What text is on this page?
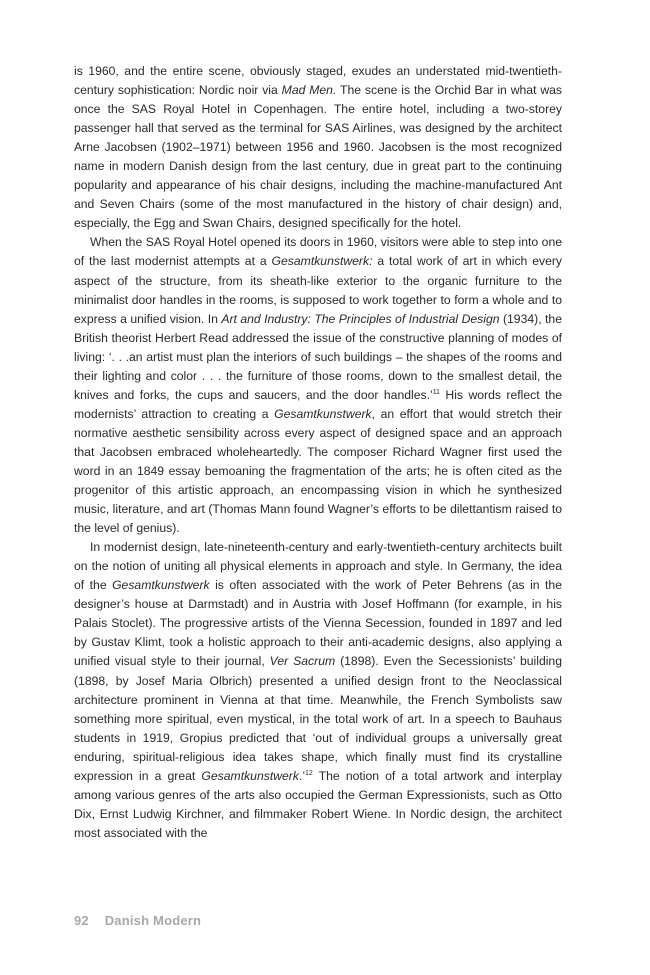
is 1960, and the entire scene, obviously staged, exudes an understated mid-twentieth-century sophistication: Nordic noir via Mad Men. The scene is the Orchid Bar in what was once the SAS Royal Hotel in Copenhagen. The entire hotel, including a two-storey passenger hall that served as the terminal for SAS Airlines, was designed by the architect Arne Jacobsen (1902–1971) between 1956 and 1960. Jacobsen is the most recognized name in modern Danish design from the last century, due in great part to the continuing popularity and appearance of his chair designs, including the machine-manufactured Ant and Seven Chairs (some of the most manufactured in the history of chair design) and, especially, the Egg and Swan Chairs, designed specifically for the hotel.

When the SAS Royal Hotel opened its doors in 1960, visitors were able to step into one of the last modernist attempts at a Gesamtkunstwerk: a total work of art in which every aspect of the structure, from its sheath-like exterior to the organic furniture to the minimalist door handles in the rooms, is supposed to work together to form a whole and to express a unified vision. In Art and Industry: The Principles of Industrial Design (1934), the British theorist Herbert Read addressed the issue of the constructive planning of modes of living: ‘. . .an artist must plan the interiors of such buildings – the shapes of the rooms and their lighting and color . . . the furniture of those rooms, down to the smallest detail, the knives and forks, the cups and saucers, and the door handles.’$^{11}$ His words reflect the modernists’ attraction to creating a Gesamtkunstwerk, an effort that would stretch their normative aesthetic sensibility across every aspect of designed space and an approach that Jacobsen embraced wholeheartedly. The composer Richard Wagner first used the word in an 1849 essay bemoaning the fragmentation of the arts; he is often cited as the progenitor of this artistic approach, an encompassing vision in which he synthesized music, literature, and art (Thomas Mann found Wagner’s efforts to be dilettantism raised to the level of genius).

In modernist design, late-nineteenth-century and early-twentieth-century architects built on the notion of uniting all physical elements in approach and style. In Germany, the idea of the Gesamtkunstwerk is often associated with the work of Peter Behrens (as in the designer’s house at Darmstadt) and in Austria with Josef Hoffmann (for example, in his Palais Stoclet). The progressive artists of the Vienna Secession, founded in 1897 and led by Gustav Klimt, took a holistic approach to their anti-academic designs, also applying a unified visual style to their journal, Ver Sacrum (1898). Even the Secessionists’ building (1898, by Josef Maria Olbrich) presented a unified design front to the Neoclassical architecture prominent in Vienna at that time. Meanwhile, the French Symbolists saw something more spiritual, even mystical, in the total work of art. In a speech to Bauhaus students in 1919, Gropius predicted that ‘out of individual groups a universally great enduring, spiritual-religious idea takes shape, which finally must find its crystalline expression in a great Gesamtkunstwerk.’$^{12}$ The notion of a total artwork and interplay among various genres of the arts also occupied the German Expressionists, such as Otto Dix, Ernst Ludwig Kirchner, and filmmaker Robert Wiene. In Nordic design, the architect most associated with the

92 Danish Modern
